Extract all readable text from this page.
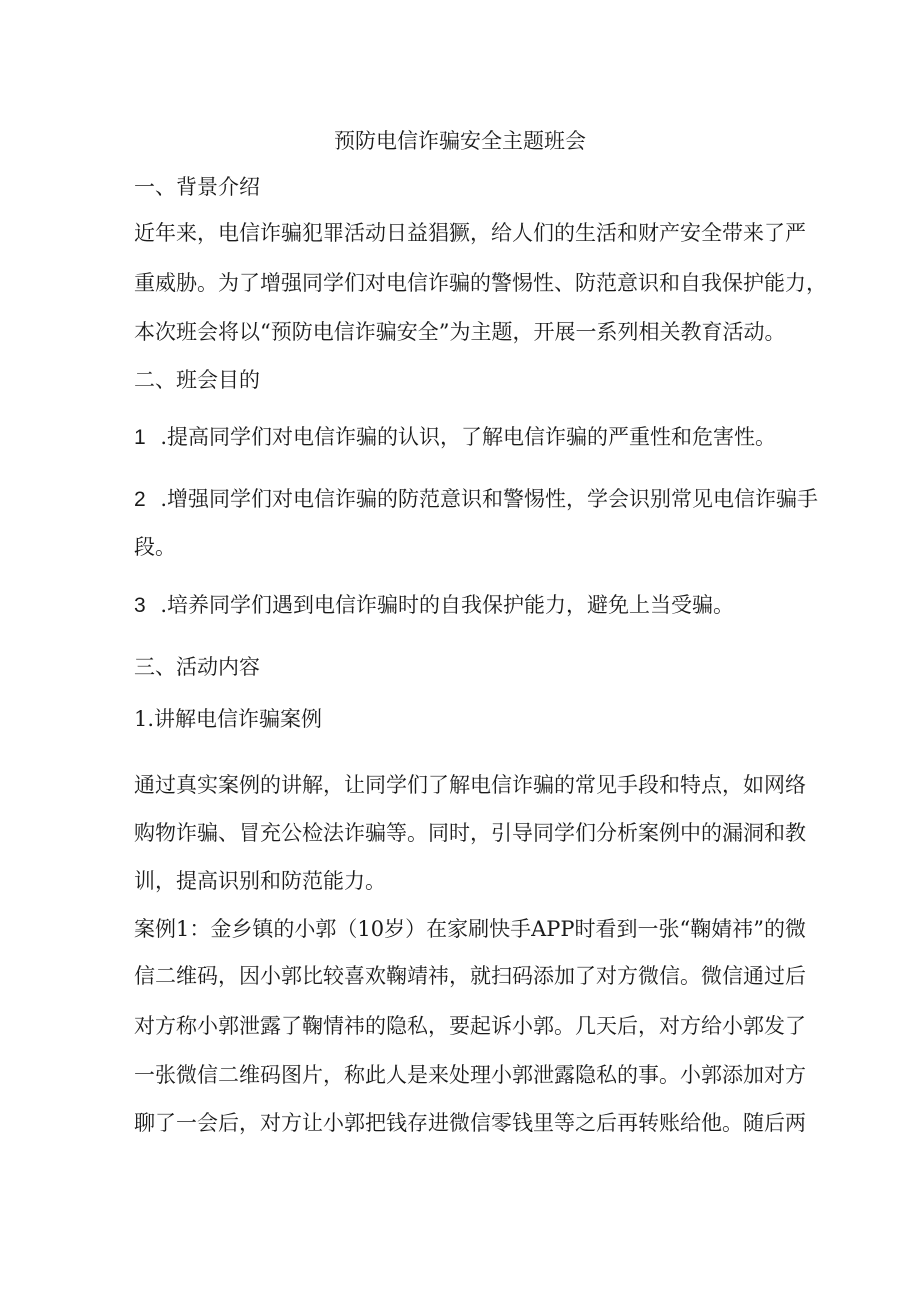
预防电信诈骗安全主题班会
一、背景介绍
近年来，电信诈骗犯罪活动日益猖獗，给人们的生活和财产安全带来了严
重威胁。为了增强同学们对电信诈骗的警惕性、防范意识和自我保护能力，
本次班会将以“预防电信诈骗安全”为主题，开展一系列相关教育活动。
二、班会目的
1 .提高同学们对电信诈骗的认识，了解电信诈骗的严重性和危害性。
2 .增强同学们对电信诈骗的防范意识和警惕性，学会识别常见电信诈骗手
段。
3 .培养同学们遇到电信诈骗时的自我保护能力，避免上当受骗。
三、活动内容
1.讲解电信诈骗案例
通过真实案例的讲解，让同学们了解电信诈骗的常见手段和特点，如网络
购物诈骗、冒充公检法诈骗等。同时，引导同学们分析案例中的漏洞和教
训，提高识别和防范能力。
案例1：金乡镇的小郭（10岁）在家刷快手APP时看到一张“鞠婧祎”的微
信二维码，因小郭比较喜欢鞠靖祎，就扫码添加了对方微信。微信通过后
对方称小郭泄露了鞠情祎的隐私，要起诉小郭。几天后，对方给小郭发了
一张微信二维码图片，称此人是来处理小郭泄露隐私的事。小郭添加对方
聊了一会后，对方让小郭把钱存进微信零钱里等之后再转账给他。随后两
